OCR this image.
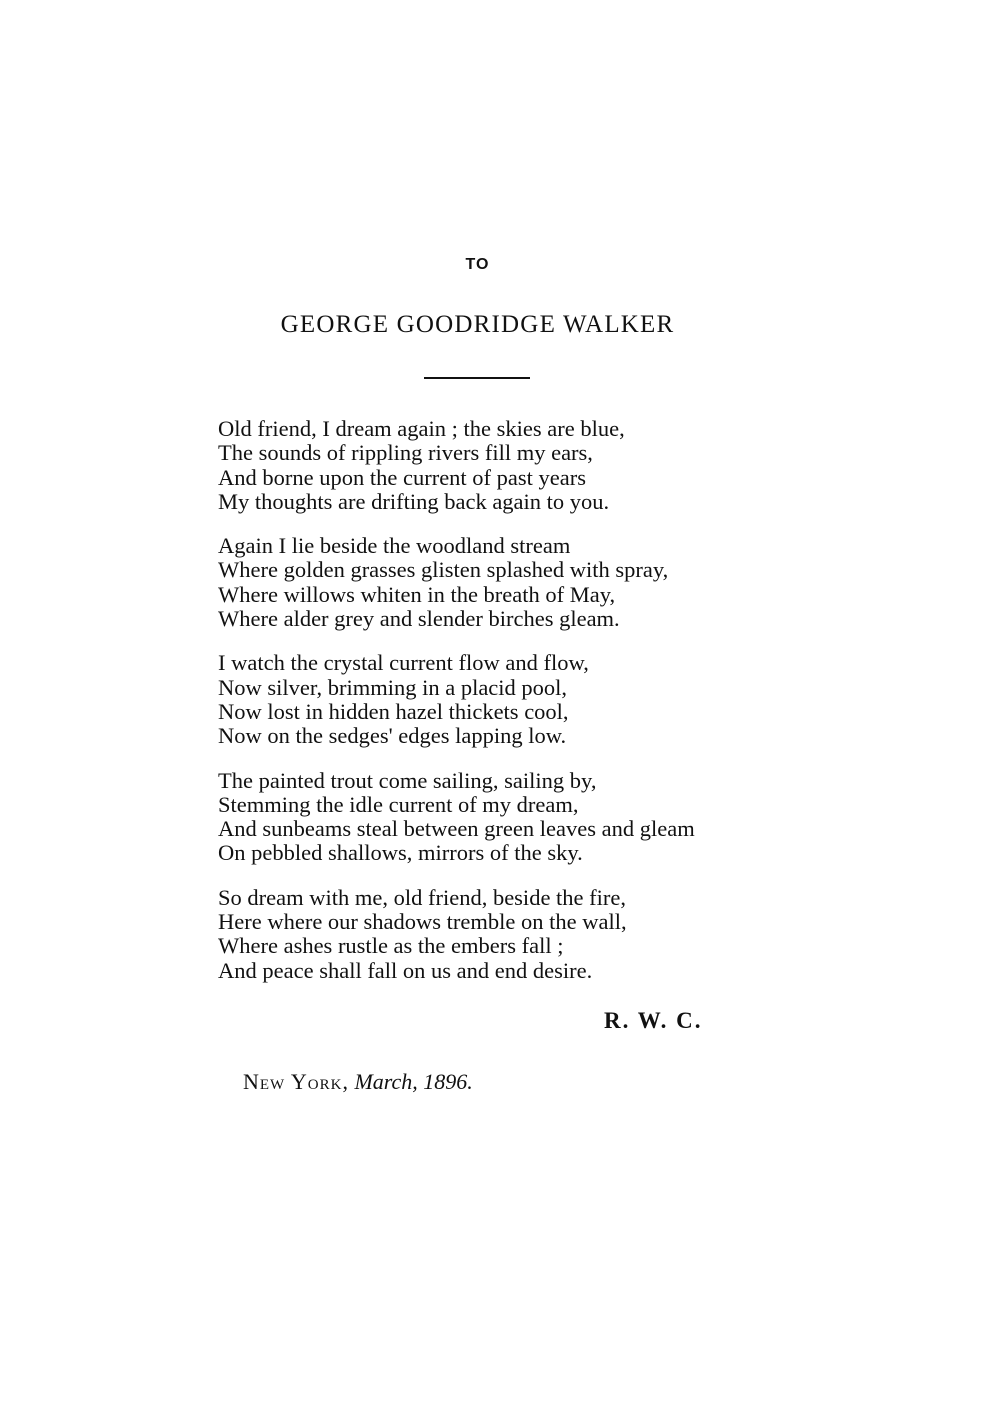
TO
GEORGE GOODRIDGE WALKER
Old friend, I dream again ; the skies are blue,
The sounds of rippling rivers fill my ears,
And borne upon the current of past years
My thoughts are drifting back again to you.
Again I lie beside the woodland stream
Where golden grasses glisten splashed with spray,
Where willows whiten in the breath of May,
Where alder grey and slender birches gleam.
I watch the crystal current flow and flow,
Now silver, brimming in a placid pool,
Now lost in hidden hazel thickets cool,
Now on the sedges' edges lapping low.
The painted trout come sailing, sailing by,
Stemming the idle current of my dream,
And sunbeams steal between green leaves and gleam
On pebbled shallows, mirrors of the sky.
So dream with me, old friend, beside the fire,
Here where our shadows tremble on the wall,
Where ashes rustle as the embers fall ;
And peace shall fall on us and end desire.
R. W. C.
New York, March, 1896.
